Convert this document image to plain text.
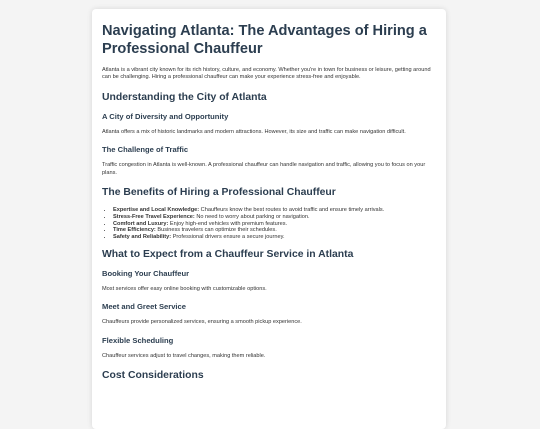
Navigating Atlanta: The Advantages of Hiring a Professional Chauffeur

Atlanta is a vibrant city known for its rich history, culture, and economy. Whether you're in town for business or leisure, getting around can be challenging. Hiring a professional chauffeur can make your experience stress-free and enjoyable.

Understanding the City of Atlanta
A City of Diversity and Opportunity

Atlanta offers a mix of historic landmarks and modern attractions. However, its size and traffic can make navigation difficult.

The Challenge of Traffic

Traffic congestion in Atlanta is well-known. A professional chauffeur can handle navigation and traffic, allowing you to focus on your plans.

The Benefits of Hiring a Professional Chauffeur
• Expertise and Local Knowledge: Chauffeurs know the best routes to avoid traffic and ensure timely arrivals.
• Stress-Free Travel Experience: No need to worry about parking or navigation.
• Comfort and Luxury: Enjoy high-end vehicles with premium features.
• Time Efficiency: Business travelers can optimize their schedules.
• Safety and Reliability: Professional drivers ensure a secure journey.
What to Expect from a Chauffeur Service in Atlanta
Booking Your Chauffeur

Most services offer easy online booking with customizable options.

Meet and Greet Service

Chauffeurs provide personalized services, ensuring a smooth pickup experience.

Flexible Scheduling

Chauffeur services adjust to travel changes, making them reliable.

Cost Considerations
